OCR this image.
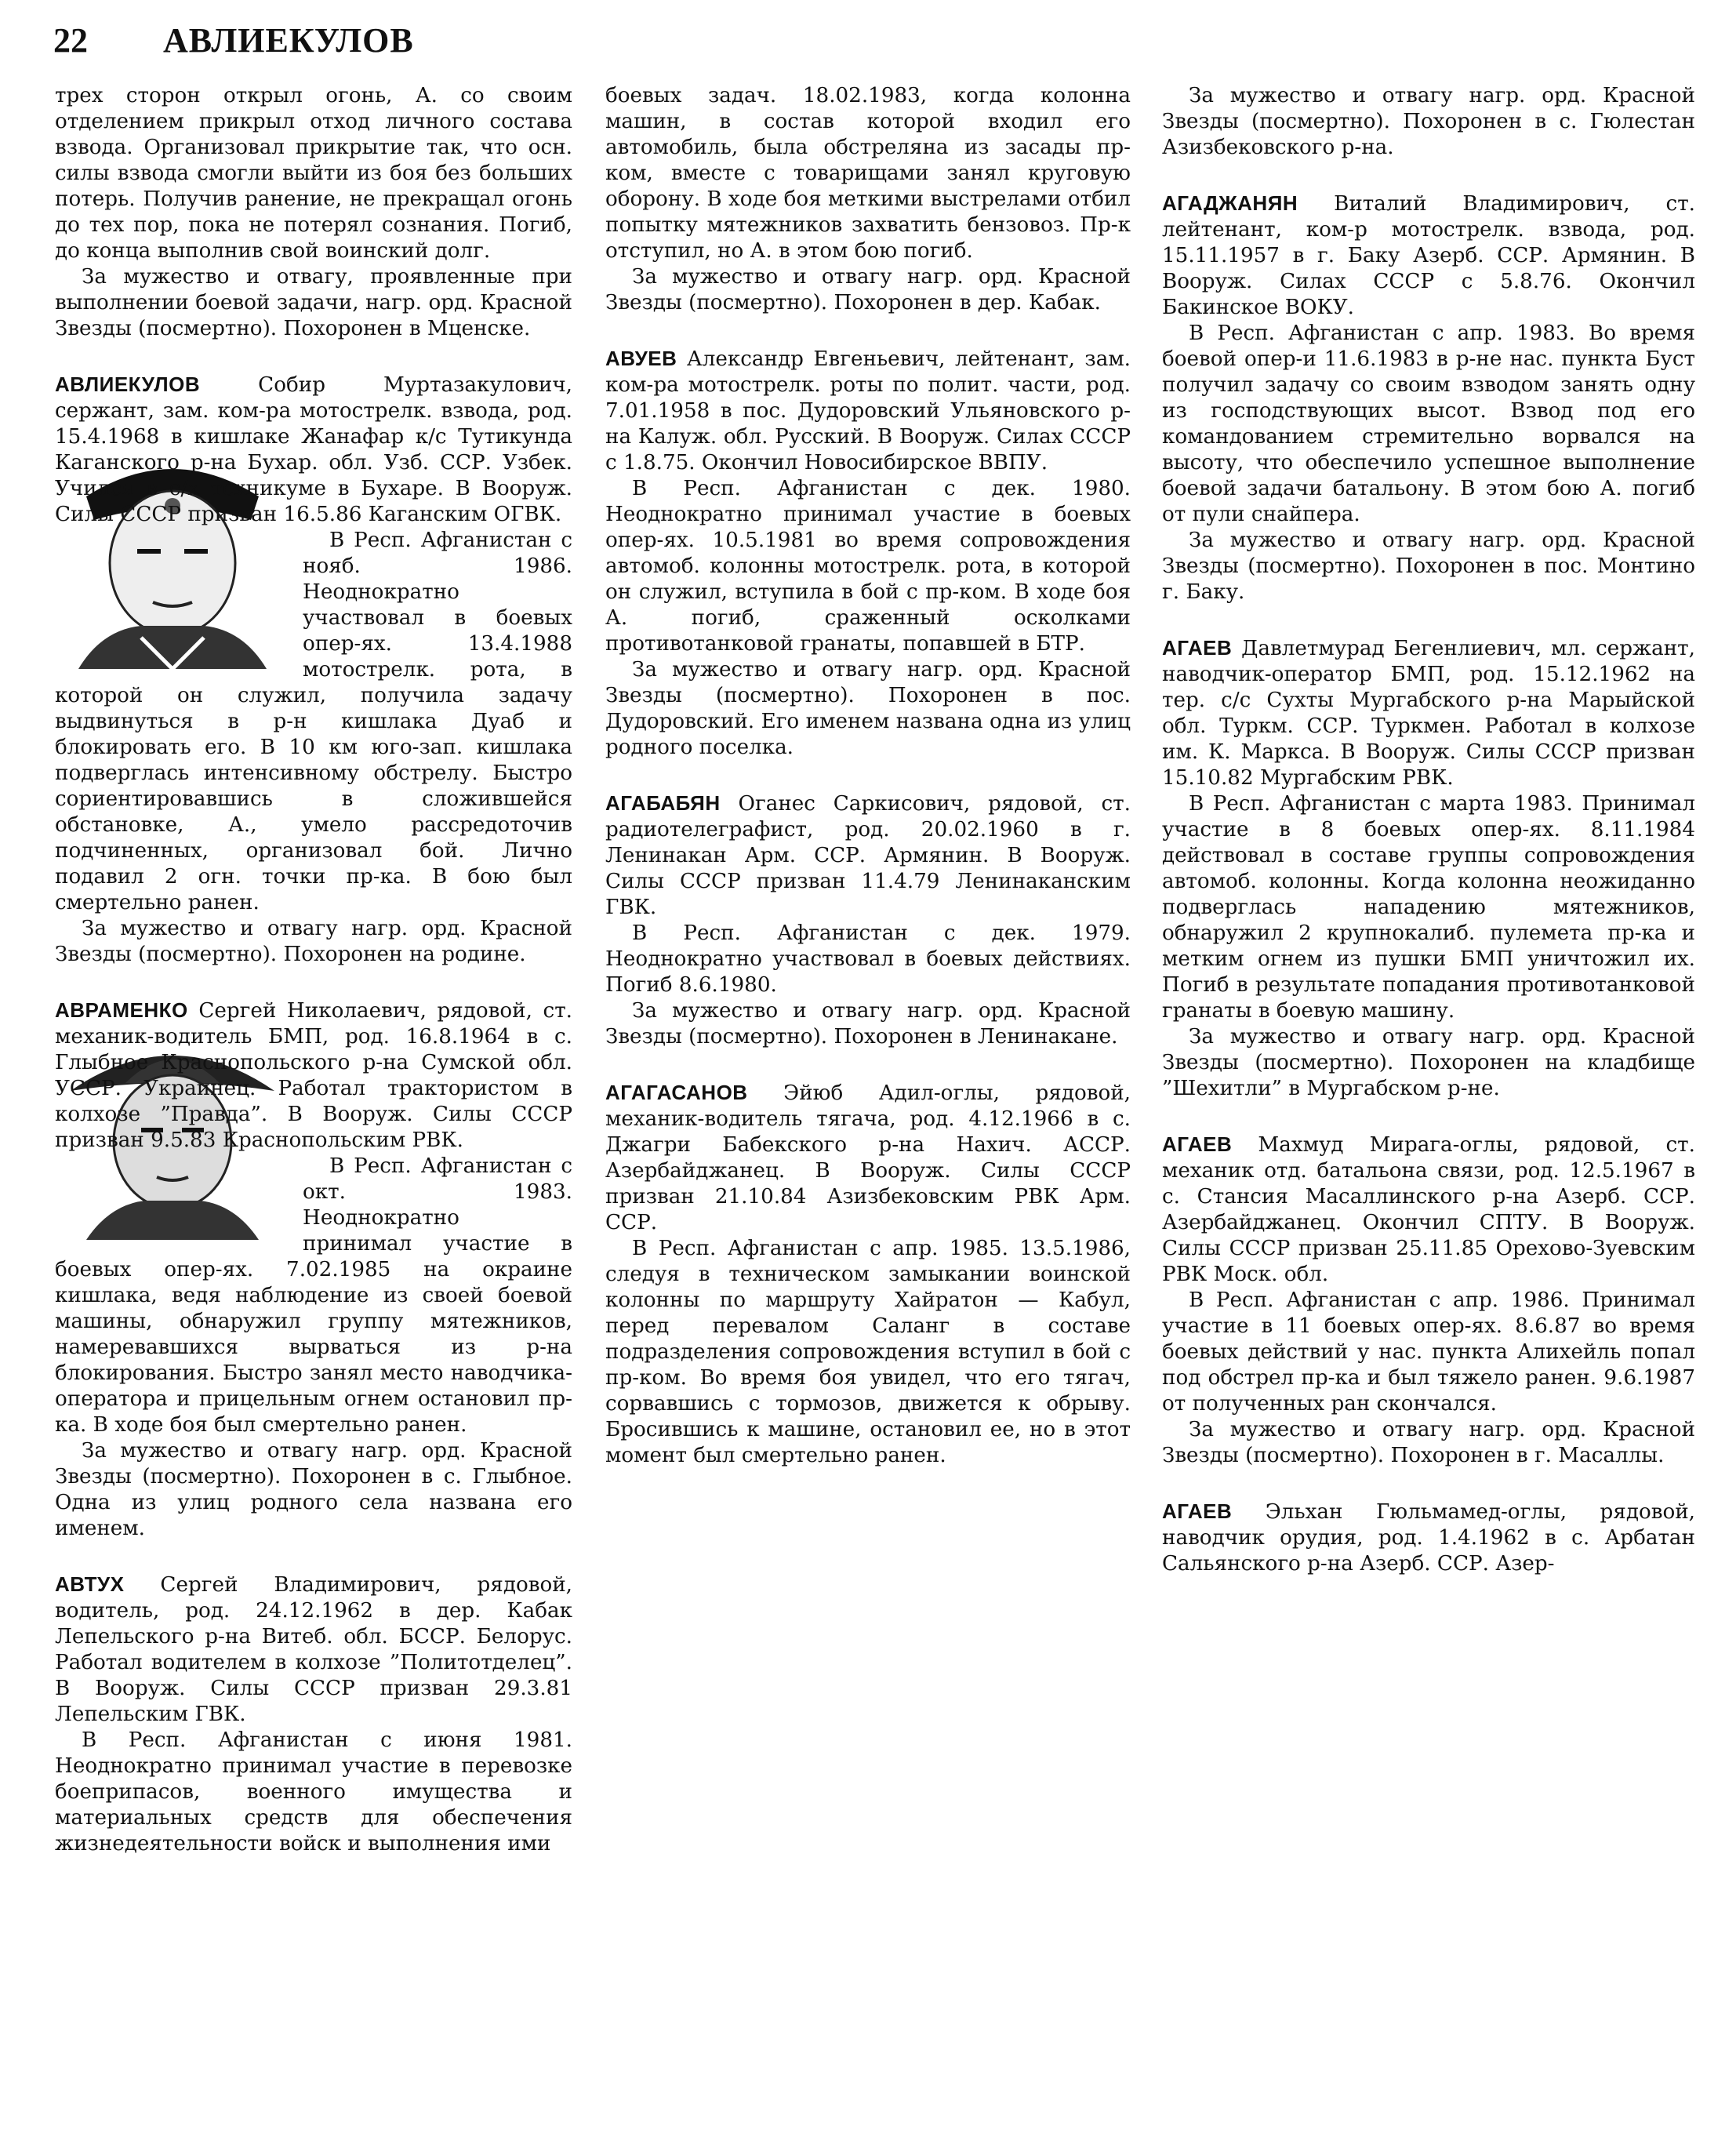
22 АВЛИЕКУЛОВ

трех сторон открыл огонь, А. со своим отделением прикрыл отход личного состава взвода. Организовал прикрытие так, что осн. силы взвода смогли выйти из боя без больших потерь. Получив ранение, не прекращал огонь до тех пор, пока не потерял сознания. Погиб, до конца выполнив свой воинский долг.

За мужество и отвагу, проявленные при выполнении боевой задачи, нагр. орд. Красной Звезды (посмертно). Похоронен в Мценске.

АВЛИЕКУЛОВ	Собир Муртазакулович, сержант, зам. ком-ра мотострелк. взвода, род. 15.4.1968 в кишлаке Жанафар к/с Тутикунда Каганского р-на Бухар. обл. Узб. ССР. Узбек. Учился в с/х техникуме в Бухаре. В Вооруж. Силы СССР призван 16.5.86 Каганским ОГВК.

В Респ. Афганистан с нояб. 1986. Неоднократно участвовал в боевых опер-ях. 13.4.1988 мотострелк. рота, в которой он служил, получила задачу выдвинуться в р-н кишлака Дуаб и блокировать его. В 10 км юго-зап. кишлака подверглась интенсивному обстрелу. Быстро сориентировавшись в сложившейся обстановке, А., умело рассредоточив подчиненных, организовал бой. Лично подавил 2 огн. точки пр-ка. В бою был смертельно ранен.

За мужество и отвагу нагр. орд. Красной Звезды (посмертно). Похоронен на родине.

АВРАМЕНКО Сергей Николаевич, рядовой, ст. механик-водитель БМП, род. 16.8.1964 в с. Глыбное Краснопольского р-на Сумской обл. УССР. Украинец. Работал трактористом в колхозе ”Правда”. В Вооруж. Силы СССР призван 9.5.83 Краснопольским РВК.

В Респ. Афганистан с окт. 1983. Неоднократно принимал участие в боевых опер-ях. 7.02.1985 на окраине кишлака, ведя наблюдение из своей боевой машины, обнаружил группу мятежников, намеревавшихся вырваться из р-на блокирования. Быстро занял место наводчика-оператора и прицельным огнем остановил пр-ка. В ходе боя был смертельно ранен.

За мужество и отвагу нагр. орд. Красной Звезды (посмертно). Похоронен в с. Глыбное. Одна из улиц родного села названа его именем.

АВТУХ Сергей Владимирович, рядовой, водитель, род. 24.12.1962 в дер. Кабак Лепельского р-на Витеб. обл. БССР. Белорус. Работал водителем в колхозе ”Политотделец”. В Вооруж. Силы СССР призван 29.3.81 Лепельским ГВК.

В Респ. Афганистан с июня 1981. Неоднократно принимал участие в перевозке боеприпасов, военного имущества и материальных средств для обеспечения жизнедеятельности войск и выполнения ими

боевых задач. 18.02.1983, когда колонна машин, в состав которой входил его автомобиль, была обстреляна из засады пр-ком, вместе с товарищами занял круговую оборону. В ходе боя меткими выстрелами отбил попытку мятежников захватить бензовоз. Пр-к отступил, но А. в этом бою погиб.

За мужество и отвагу нагр. орд. Красной Звезды (посмертно). Похоронен в дер. Кабак.

АВУЕВ Александр Евгеньевич, лейтенант, зам. ком-ра мотострелк. роты по полит. части, род. 7.01.1958 в пос. Дудоровский Ульяновского р-на Калуж. обл. Русский. В Вооруж. Силах СССР с 1.8.75. Окончил Новосибирское ВВПУ.

В Респ. Афганистан с дек. 1980. Неоднократно принимал участие в боевых опер-ях. 10.5.1981 во время сопровождения автомоб. колонны мотострелк. рота, в которой он служил, вступила в бой с пр-ком. В ходе боя А. погиб, сраженный осколками противотанковой гранаты, попавшей в БТР.

За мужество и отвагу нагр. орд. Красной Звезды (посмертно). Похоронен в пос. Дудоровский. Его именем названа одна из улиц родного поселка.

АГАБАБЯН Оганес Саркисович, рядовой, ст. радиотелеграфист, род. 20.02.1960 в г. Ленинакан Арм. ССР. Армянин. В Вооруж. Силы СССР призван 11.4.79 Ленинаканским ГВК.

В Респ. Афганистан с дек. 1979. Неоднократно участвовал в боевых действиях. Погиб 8.6.1980.

За мужество и отвагу нагр. орд. Красной Звезды (посмертно). Похоронен в Ленинакане.

АГАГАСАНОВ Эйюб Адил-оглы, рядовой, механик-водитель тягача, род. 4.12.1966 в с. Джагри Бабекского р-на Нахич. АССР. Азербайджанец. В Вооруж. Силы СССР призван 21.10.84 Азизбековским РВК Арм. ССР.

В Респ. Афганистан с апр. 1985. 13.5.1986, следуя в техническом замыкании воинской колонны по маршруту Хайратон — Кабул, перед перевалом Саланг в составе подразделения сопровождения вступил в бой с пр-ком. Во время боя увидел, что его тягач, сорвавшись с тормозов, движется к обрыву. Бросившись к машине, остановил ее, но в этот момент был смертельно ранен.

За мужество и отвагу нагр. орд. Красной Звезды (посмертно). Похоронен в с. Гюлестан Азизбековского р-на.

АГАДЖАНЯН Виталий Владимирович, ст. лейтенант, ком-р мотострелк. взвода, род. 15.11.1957 в г. Баку Азерб. ССР. Армянин. В Вооруж. Силах СССР с 5.8.76. Окончил Бакинское ВОКУ.

В Респ. Афганистан с апр. 1983. Во время боевой опер-и 11.6.1983 в р-не нас. пункта Буст получил задачу со своим взводом занять одну из господствующих высот. Взвод под его командованием стремительно ворвался на высоту, что обеспечило успешное выполнение боевой задачи батальону. В этом бою А. погиб от пули снайпера.

За мужество и отвагу нагр. орд. Красной Звезды (посмертно). Похоронен в пос. Монтино г. Баку.

АГАЕВ Давлетмурад Бегенлиевич, мл. сержант, наводчик-оператор БМП, род. 15.12.1962 на тер. с/с Сухты Мургабского р-на Марыйской обл. Туркм. ССР. Туркмен. Работал в колхозе им. К. Маркса. В Вооруж. Силы СССР призван 15.10.82 Мургабским РВК.

В Респ. Афганистан с марта 1983. Принимал участие в 8 боевых опер-ях. 8.11.1984 действовал в составе группы сопровождения автомоб. колонны. Когда колонна неожиданно подверглась нападению мятежников, обнаружил 2 крупнокалиб. пулемета пр-ка и метким огнем из пушки БМП уничтожил их. Погиб в результате попадания противотанковой гранаты в боевую машину.

За мужество и отвагу нагр. орд. Красной Звезды (посмертно). Похоронен на кладбище ”Шехитли” в Мургабском р-не.

АГАЕВ Махмуд Мирага-оглы, рядовой, ст. механик отд. батальона связи, род. 12.5.1967 в с. Стансия Масаллинского р-на Азерб. ССР. Азербайджанец. Окончил СПТУ. В Вооруж. Силы СССР призван 25.11.85 Орехово-Зуевским РВК Моск. обл.

В Респ. Афганистан с апр. 1986. Принимал участие в 11 боевых опер-ях. 8.6.87 во время боевых действий у нас. пункта Алихейль попал под обстрел пр-ка и был тяжело ранен. 9.6.1987 от полученных ран скончался.

За мужество и отвагу нагр. орд. Красной Звезды (посмертно). Похоронен в г. Масаллы.

АГАЕВ Эльхан Гюльмамед-оглы, рядовой, наводчик орудия, род. 1.4.1962 в с. Арбатан Сальянского р-на Азерб. ССР. Азер-
